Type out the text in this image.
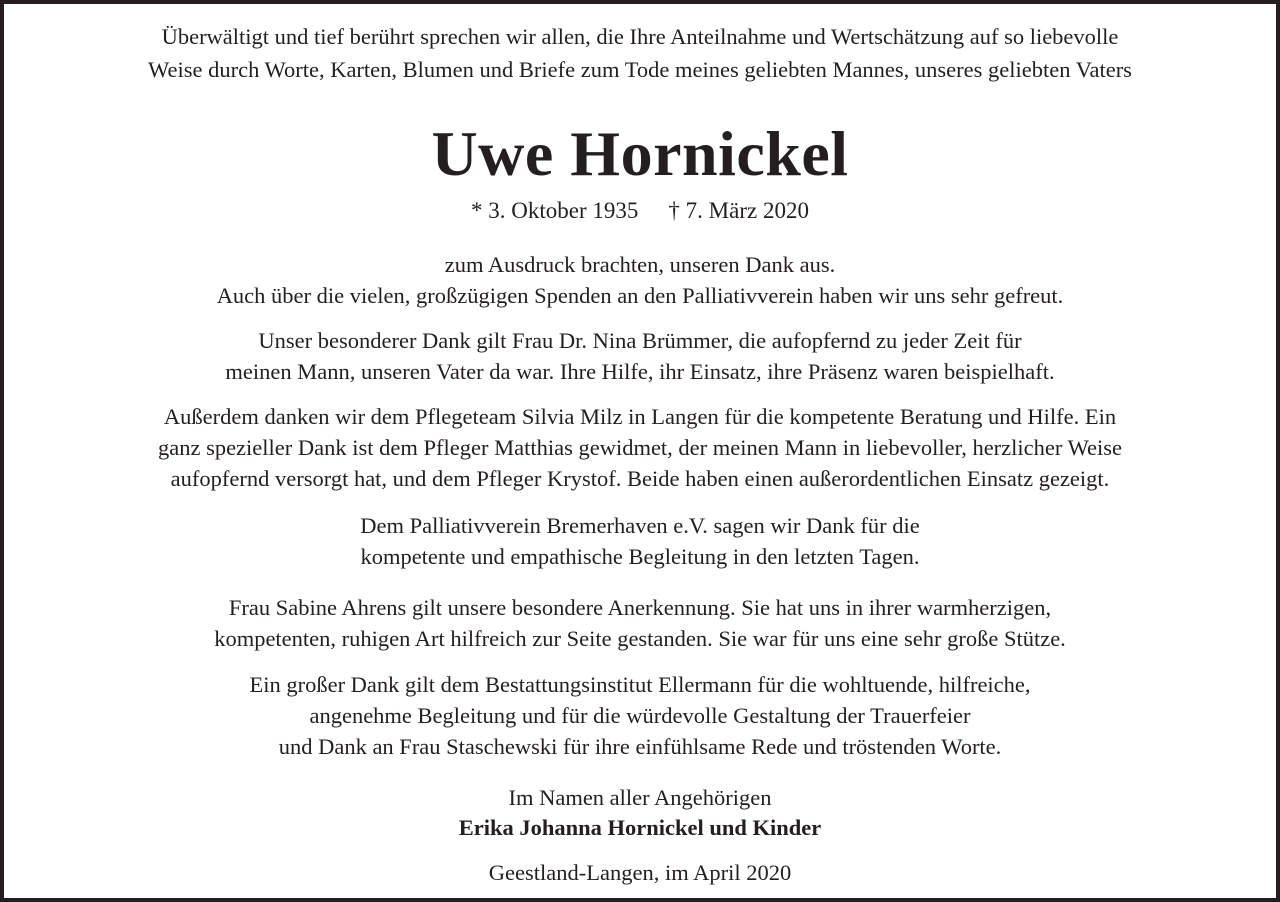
Überwältigt und tief berührt sprechen wir allen, die Ihre Anteilnahme und Wertschätzung auf so liebevolle
Weise durch Worte, Karten, Blumen und Briefe zum Tode meines geliebten Mannes, unseres geliebten Vaters
Uwe Hornickel
* 3. Oktober 1935 † 7. März 2020
zum Ausdruck brachten, unseren Dank aus.
Auch über die vielen, großzügigen Spenden an den Palliativverein haben wir uns sehr gefreut.
Unser besonderer Dank gilt Frau Dr. Nina Brümmer, die aufopfernd zu jeder Zeit für
meinen Mann, unseren Vater da war. Ihre Hilfe, ihr Einsatz, ihre Präsenz waren beispielhaft.
Außerdem danken wir dem Pflegeteam Silvia Milz in Langen für die kompetente Beratung und Hilfe. Ein
ganz spezieller Dank ist dem Pfleger Matthias gewidmet, der meinen Mann in liebevoller, herzlicher Weise
aufopfernd versorgt hat, und dem Pfleger Krystof. Beide haben einen außerordentlichen Einsatz gezeigt.
Dem Palliativverein Bremerhaven e.V. sagen wir Dank für die
kompetente und empathische Begleitung in den letzten Tagen.
Frau Sabine Ahrens gilt unsere besondere Anerkennung. Sie hat uns in ihrer warmherzigen,
kompetenten, ruhigen Art hilfreich zur Seite gestanden. Sie war für uns eine sehr große Stütze.
Ein großer Dank gilt dem Bestattungsinstitut Ellermann für die wohltuende, hilfreiche,
angenehme Begleitung und für die würdevolle Gestaltung der Trauerfeier
und Dank an Frau Staschewski für ihre einfühlsame Rede und tröstenden Worte.
Im Namen aller Angehörigen
Erika Johanna Hornickel und Kinder
Geestland-Langen, im April 2020
